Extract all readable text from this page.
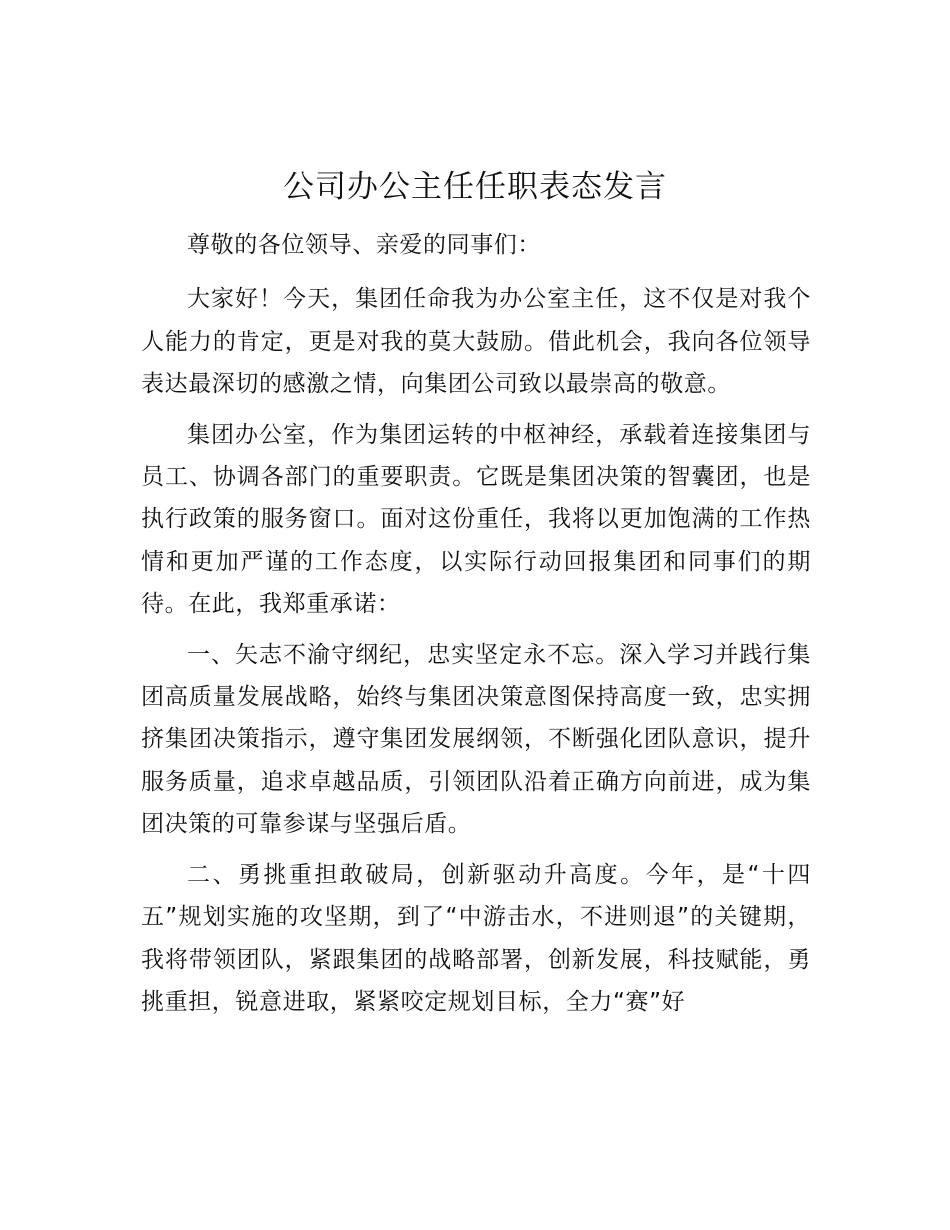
公司办公主任任职表态发言

尊敬的各位领导、亲爱的同事们：

大家好！今天，集团任命我为办公室主任，这不仅是对我个人能力的肯定，更是对我的莫大鼓励。借此机会，我向各位领导表达最深切的感激之情，向集团公司致以最崇高的敬意。

集团办公室，作为集团运转的中枢神经，承载着连接集团与员工、协调各部门的重要职责。它既是集团决策的智囊团，也是执行政策的服务窗口。面对这份重任，我将以更加饱满的工作热情和更加严谨的工作态度，以实际行动回报集团和同事们的期待。在此，我郑重承诺：

一、矢志不渝守纲纪，忠实坚定永不忘。深入学习并践行集团高质量发展战略，始终与集团决策意图保持高度一致，忠实拥挤集团决策指示，遵守集团发展纲领，不断强化团队意识，提升服务质量，追求卓越品质，引领团队沿着正确方向前进，成为集团决策的可靠参谋与坚强后盾。

二、勇挑重担敢破局，创新驱动升高度。今年，是“十四五”规划实施的攻坚期，到了“中游击水，不进则退”的关键期，我将带领团队，紧跟集团的战略部署，创新发展，科技赋能，勇挑重担，锐意进取，紧紧咬定规划目标，全力“赛”好
